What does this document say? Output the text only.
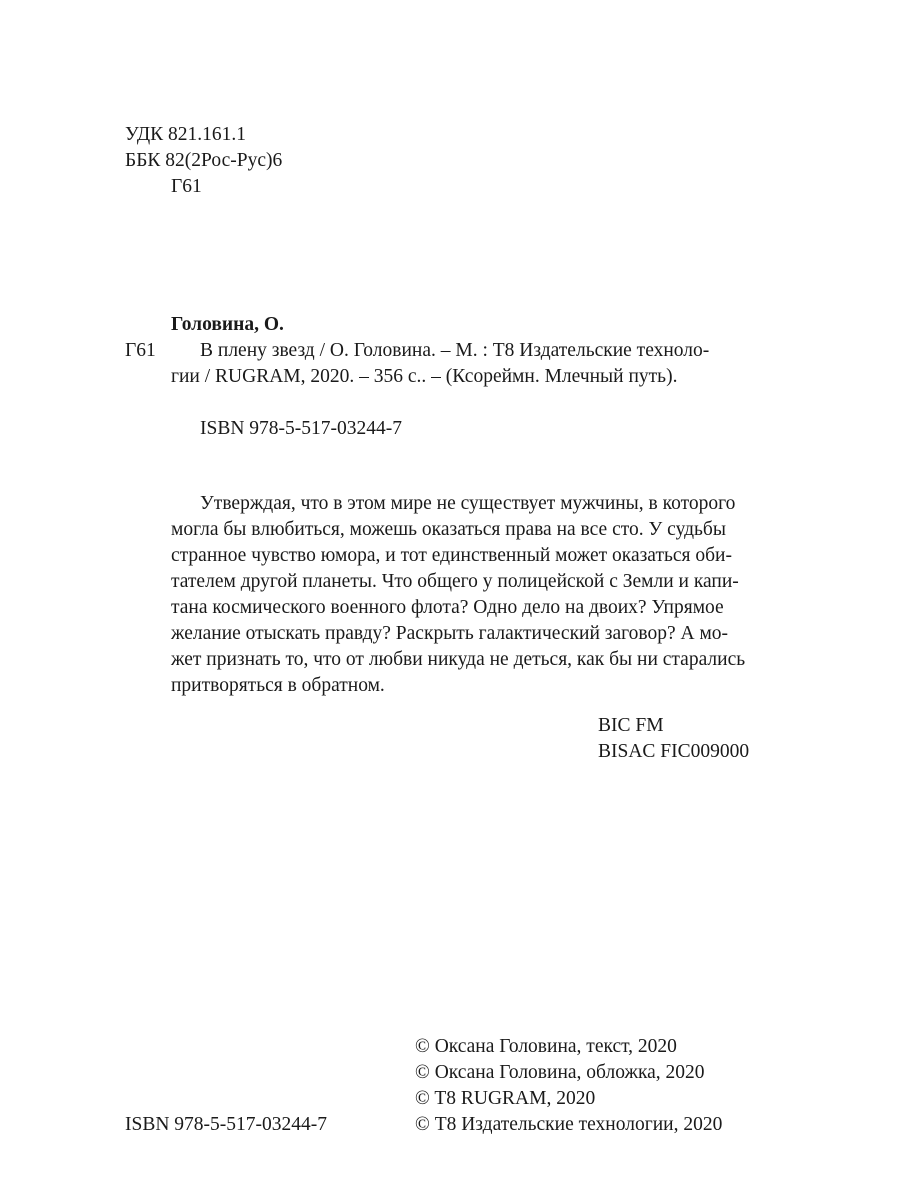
УДК 821.161.1
ББК 82(2Рос-Рус)6
Г61
Головина, О.
Г61 В плену звезд / О. Головина. – М. : Т8 Издательские техноло-
гии / RUGRAM, 2020. – 356 с.. – (Ксореймн. Млечный путь).
ISBN 978-5-517-03244-7
Утверждая, что в этом мире не существует мужчины, в которого
могла бы влюбиться, можешь оказаться права на все сто. У судьбы
странное чувство юмора, и тот единственный может оказаться оби-
тателем другой планеты. Что общего у полицейской с Земли и капи-
тана космического военного флота? Одно дело на двоих? Упрямое
желание отыскать правду? Раскрыть галактический заговор? А мо-
жет признать то, что от любви никуда не деться, как бы ни старались
притворяться в обратном.
BIC FM
BISAC FIC009000
© Оксана Головина, текст, 2020
© Оксана Головина, обложка, 2020
© T8 RUGRAM, 2020
© Т8 Издательские технологии, 2020
ISBN 978-5-517-03244-7
